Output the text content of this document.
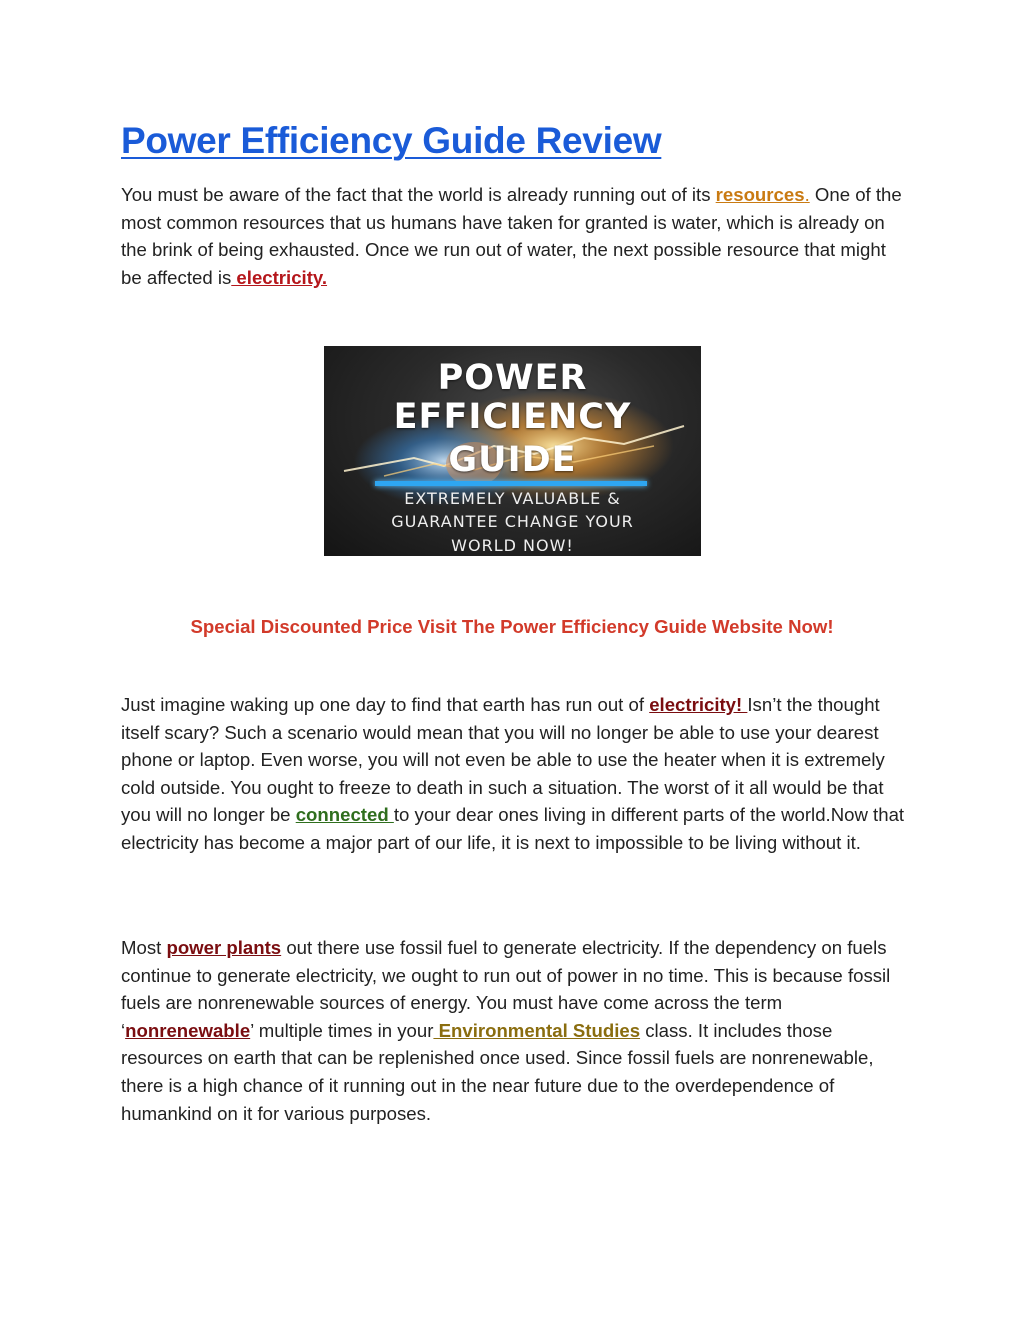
Power Efficiency Guide Review

You must be aware of the fact that the world is already running out of its resources. One of the most common resources that us humans have taken for granted is water, which is already on the brink of being exhausted. Once we run out of water, the next possible resource that might be affected is electricity.

POWER
EFFICIENCY
GUIDE
EXTREMELY VALUABLE &
GUARANTEE CHANGE YOUR
WORLD NOW!
Special Discounted Price Visit The Power Efficiency Guide Website Now!

Just imagine waking up one day to find that earth has run out of electricity! Isn’t the thought itself scary? Such a scenario would mean that you will no longer be able to use your dearest phone or laptop. Even worse, you will not even be able to use the heater when it is extremely cold outside. You ought to freeze to death in such a situation. The worst of it all would be that you will no longer be connected to your dear ones living in different parts of the world.Now that electricity has become a major part of our life, it is next to impossible to be living without it.

Most power plants out there use fossil fuel to generate electricity. If the dependency on fuels continue to generate electricity, we ought to run out of power in no time. This is because fossil fuels are nonrenewable sources of energy. You must have come across the term ‘nonrenewable’ multiple times in your Environmental Studies class. It includes those resources on earth that can be replenished once used. Since fossil fuels are nonrenewable, there is a high chance of it running out in the near future due to the overdependence of humankind on it for various purposes.
